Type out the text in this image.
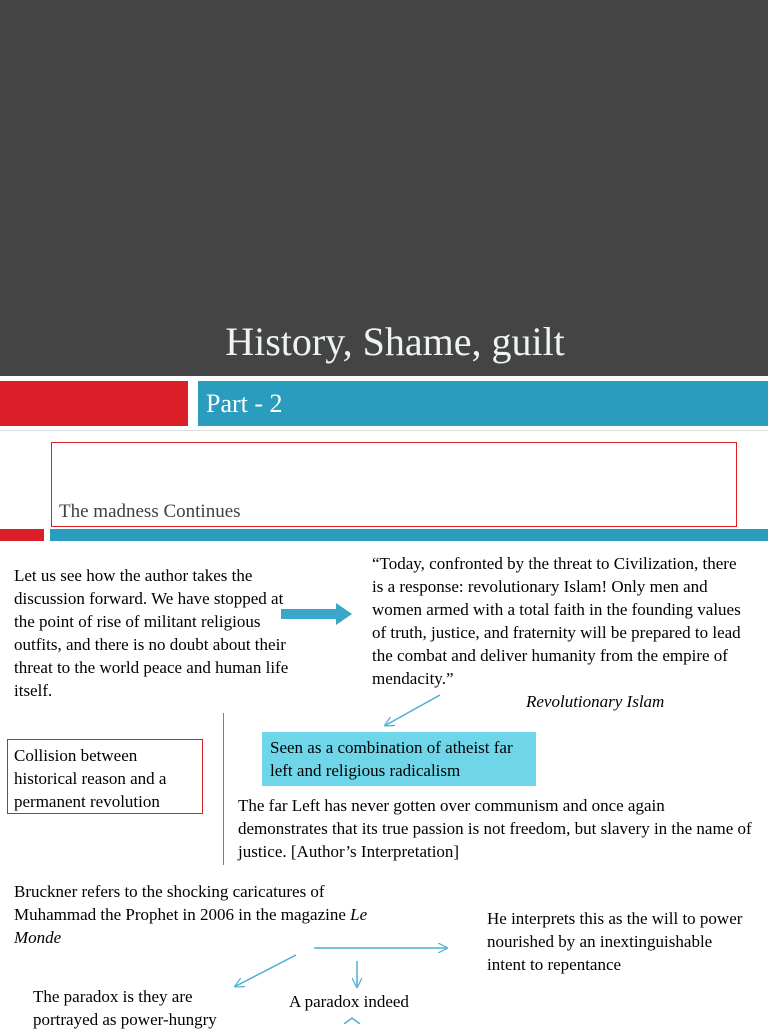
History, Shame, guilt
Part - 2
The madness Continues
Let us see how the author takes the discussion forward. We have stopped at the point of rise of militant religious outfits, and there is no doubt about their threat to the world peace and human life itself.
“Today, confronted by the threat to Civilization, there is a response: revolutionary Islam! Only men and women armed with a total faith in the founding values of truth, justice, and fraternity will be prepared to lead the combat and deliver humanity from the empire of mendacity.”
Revolutionary Islam
Collision between historical reason and a permanent revolution
Seen as a combination of atheist far left and religious radicalism
The far Left has never gotten over communism and once again demonstrates that its true passion is not freedom, but slavery in the name of justice. [Author’s Interpretation]
Bruckner refers to the shocking caricatures of Muhammad the Prophet in 2006 in the magazine Le Monde
He interprets this as the will to power nourished by an inextinguishable intent to repentance
A paradox indeed
The paradox is they are portrayed as power-hungry
